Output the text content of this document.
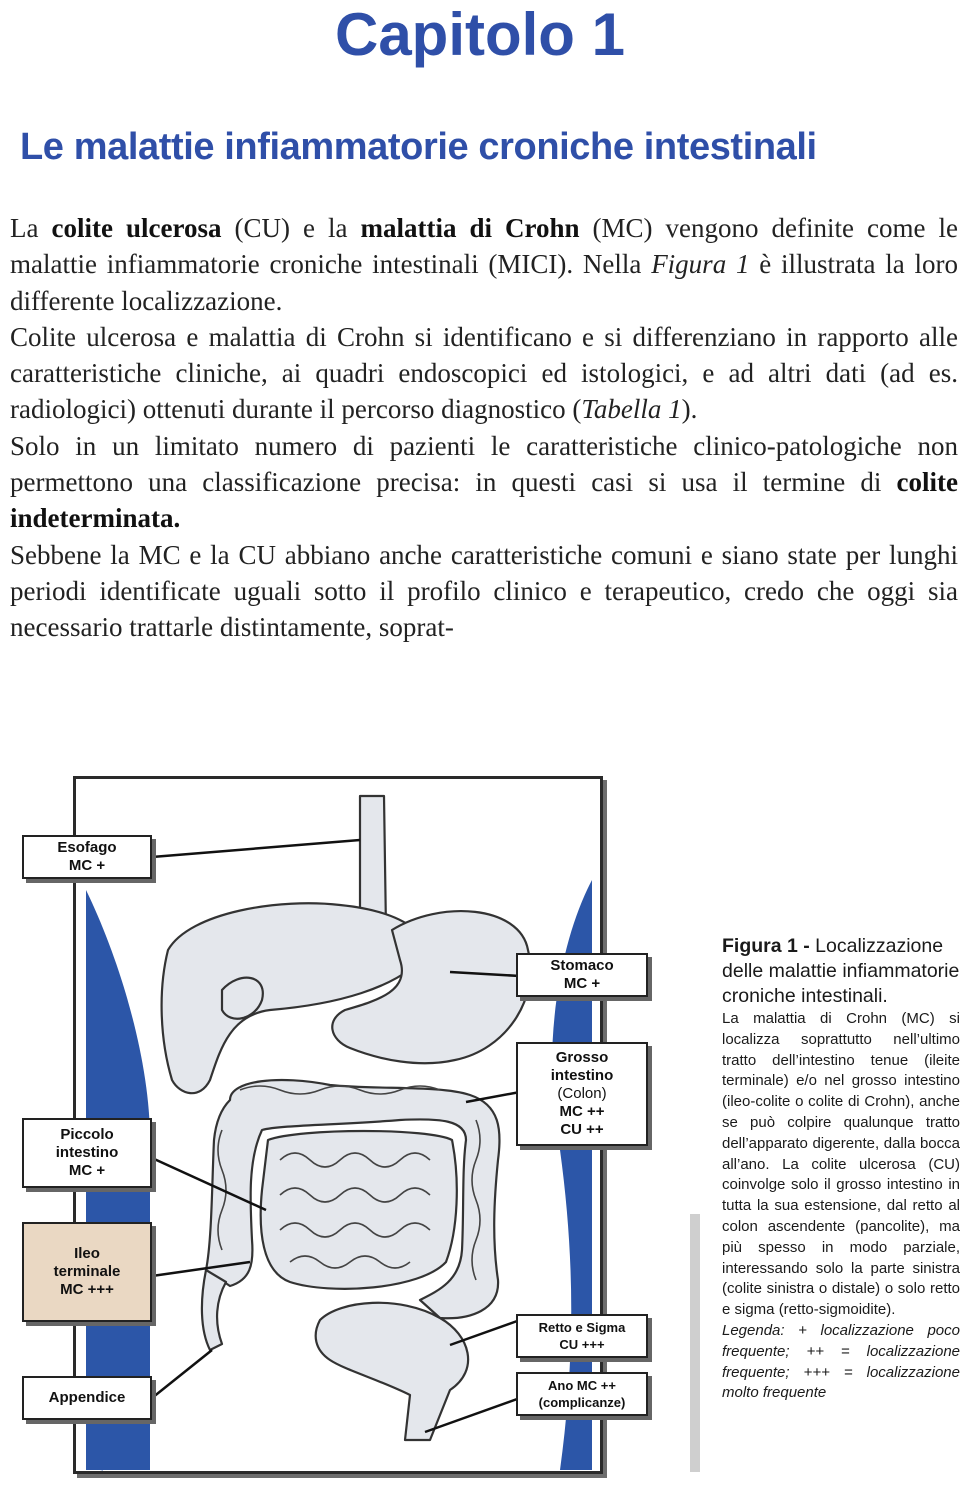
Capitolo 1
Le malattie infiammatorie croniche intestinali

La colite ulcerosa (CU) e la malattia di Crohn (MC) vengono definite come le malattie infiammatorie croniche intestinali (MICI). Nella Figura 1 è illustrata la loro differente localizzazione.

Colite ulcerosa e malattia di Crohn si identificano e si differenziano in rapporto alle caratteristiche cliniche, ai quadri endoscopici ed istologici, e ad altri dati (ad es. radiologici) ottenuti durante il percorso diagnostico (Tabella 1).

Solo in un limitato numero di pazienti le caratteristiche clinico-patologiche non permettono una classificazione precisa: in questi casi si usa il termine di colite indeterminata.

Sebbene la MC e la CU abbiano anche caratteristiche comuni e siano state per lunghi periodi identificate uguali sotto il profilo clinico e terapeutico, credo che oggi sia necessario trattarle distintamente, soprat-

Esofago
MC +
Stomaco
MC +
Grosso
intestino
(Colon)
MC ++
CU ++
Piccolo
intestino
MC +
Ileo
terminale
MC +++
Retto e Sigma
CU +++
Ano MC ++
(complicanze)
Appendice
Figura 1 - Localizzazione delle malattie infiammatorie croniche intestinali.
La malattia di Crohn (MC) si localizza soprattutto nell’ultimo tratto dell’intestino tenue (ileite terminale) e/o nel grosso intestino (ileo-colite o colite di Crohn), anche se può colpire qualunque tratto dell’apparato digerente, dalla bocca all’ano. La colite ulcerosa (CU) coinvolge solo il grosso intestino in tutta la sua estensione, dal retto al colon ascendente (pancolite), ma più spesso in modo parziale, interessando solo la parte sinistra (colite sinistra o distale) o solo retto e sigma (retto-sigmoidite).
Legenda: + localizzazione poco frequente; ++ = localizzazione frequente; +++ = localizzazione molto frequente
